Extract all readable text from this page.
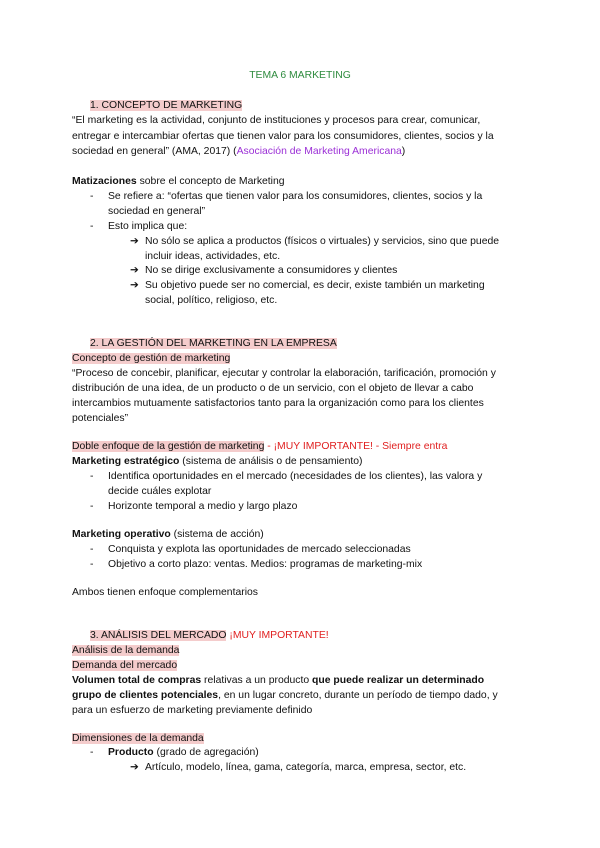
TEMA 6 MARKETING
1. CONCEPTO DE MARKETING
“El marketing es la actividad, conjunto de instituciones y procesos para crear, comunicar,
entregar e intercambiar ofertas que tienen valor para los consumidores, clientes, socios y la
sociedad en general” (AMA, 2017) (Asociación de Marketing Americana)
Matizaciones sobre el concepto de Marketing
- Se refiere a: “ofertas que tienen valor para los consumidores, clientes, socios y la
sociedad en general”
- Esto implica que:
➔ No sólo se aplica a productos (físicos o virtuales) y servicios, sino que puede
incluir ideas, actividades, etc.
➔ No se dirige exclusivamente a consumidores y clientes
➔ Su objetivo puede ser no comercial, es decir, existe también un marketing
social, político, religioso, etc.
2. LA GESTIÓN DEL MARKETING EN LA EMPRESA
Concepto de gestión de marketing
“Proceso de concebir, planificar, ejecutar y controlar la elaboración, tarificación, promoción y
distribución de una idea, de un producto o de un servicio, con el objeto de llevar a cabo
intercambios mutuamente satisfactorios tanto para la organización como para los clientes
potenciales”
Doble enfoque de la gestión de marketing - ¡MUY IMPORTANTE! - Siempre entra
Marketing estratégico (sistema de análisis o de pensamiento)
- Identifica oportunidades en el mercado (necesidades de los clientes), las valora y
decide cuáles explotar
- Horizonte temporal a medio y largo plazo
Marketing operativo (sistema de acción)
- Conquista y explota las oportunidades de mercado seleccionadas
- Objetivo a corto plazo: ventas. Medios: programas de marketing-mix
Ambos tienen enfoque complementarios
3. ANÁLISIS DEL MERCADO ¡MUY IMPORTANTE!
Análisis de la demanda
Demanda del mercado
Volumen total de compras relativas a un producto que puede realizar un determinado
grupo de clientes potenciales, en un lugar concreto, durante un período de tiempo dado, y
para un esfuerzo de marketing previamente definido
Dimensiones de la demanda
- Producto (grado de agregación)
➔ Artículo, modelo, línea, gama, categoría, marca, empresa, sector, etc.
